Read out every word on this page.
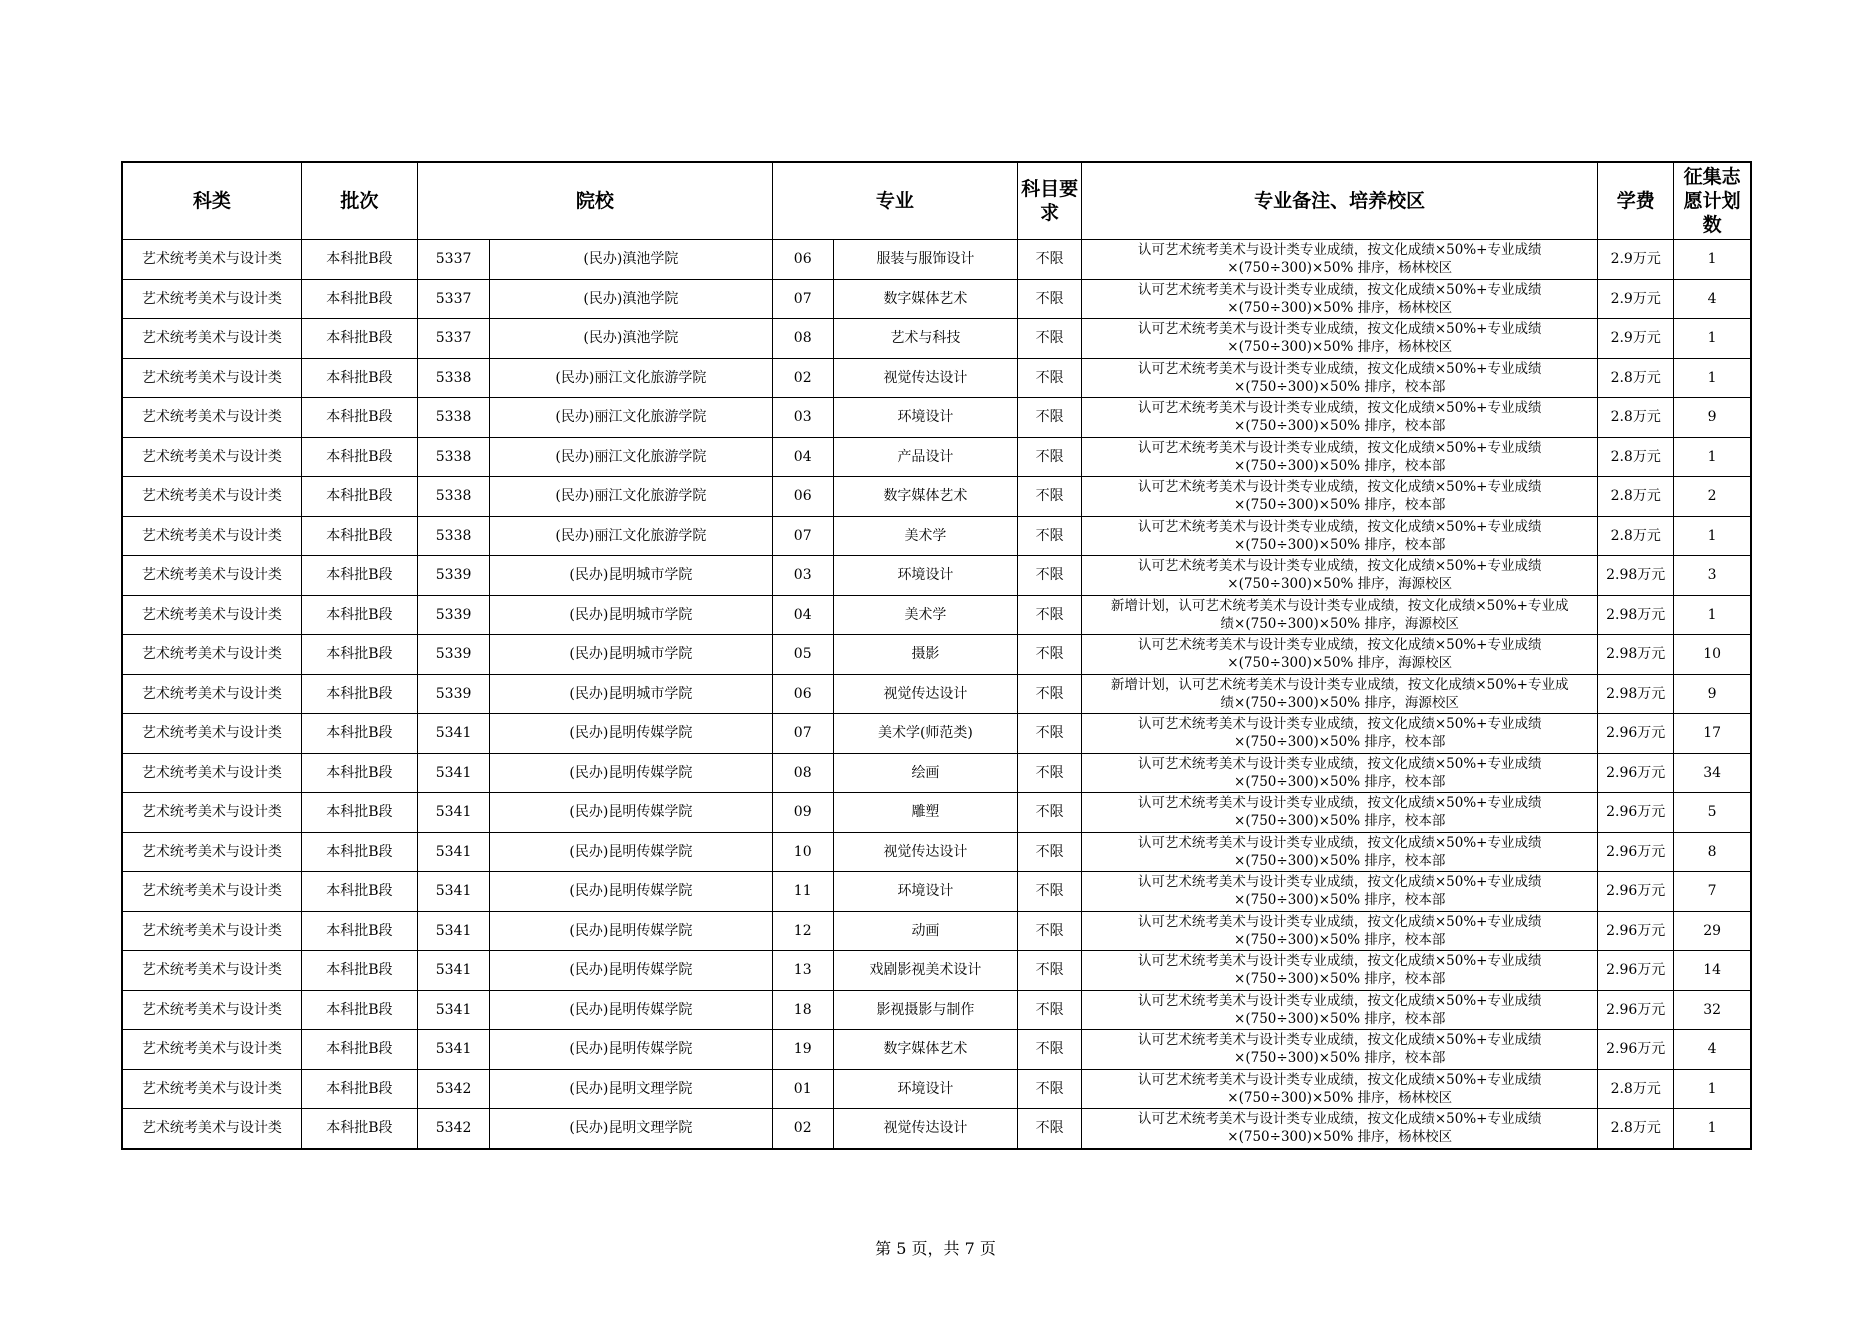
科类	批次	院校		专业		科目要求	专业备注、培养校区	学费	征集志愿计划数
艺术统考美术与设计类	本科批B段	5337	(民办)滇池学院	06	服装与服饰设计	不限	认可艺术统考美术与设计类专业成绩，按文化成绩×50%+专业成绩
×(750÷300)×50% 排序，杨林校区	2.9万元	1
艺术统考美术与设计类	本科批B段	5337	(民办)滇池学院	07	数字媒体艺术	不限	认可艺术统考美术与设计类专业成绩，按文化成绩×50%+专业成绩
×(750÷300)×50% 排序，杨林校区	2.9万元	4
艺术统考美术与设计类	本科批B段	5337	(民办)滇池学院	08	艺术与科技	不限	认可艺术统考美术与设计类专业成绩，按文化成绩×50%+专业成绩
×(750÷300)×50% 排序，杨林校区	2.9万元	1
艺术统考美术与设计类	本科批B段	5338	(民办)丽江文化旅游学院	02	视觉传达设计	不限	认可艺术统考美术与设计类专业成绩，按文化成绩×50%+专业成绩
×(750÷300)×50% 排序，校本部	2.8万元	1
艺术统考美术与设计类	本科批B段	5338	(民办)丽江文化旅游学院	03	环境设计	不限	认可艺术统考美术与设计类专业成绩，按文化成绩×50%+专业成绩
×(750÷300)×50% 排序，校本部	2.8万元	9
艺术统考美术与设计类	本科批B段	5338	(民办)丽江文化旅游学院	04	产品设计	不限	认可艺术统考美术与设计类专业成绩，按文化成绩×50%+专业成绩
×(750÷300)×50% 排序，校本部	2.8万元	1
艺术统考美术与设计类	本科批B段	5338	(民办)丽江文化旅游学院	06	数字媒体艺术	不限	认可艺术统考美术与设计类专业成绩，按文化成绩×50%+专业成绩
×(750÷300)×50% 排序，校本部	2.8万元	2
艺术统考美术与设计类	本科批B段	5338	(民办)丽江文化旅游学院	07	美术学	不限	认可艺术统考美术与设计类专业成绩，按文化成绩×50%+专业成绩
×(750÷300)×50% 排序，校本部	2.8万元	1
艺术统考美术与设计类	本科批B段	5339	(民办)昆明城市学院	03	环境设计	不限	认可艺术统考美术与设计类专业成绩，按文化成绩×50%+专业成绩
×(750÷300)×50% 排序，海源校区	2.98万元	3
艺术统考美术与设计类	本科批B段	5339	(民办)昆明城市学院	04	美术学	不限	新增计划，认可艺术统考美术与设计类专业成绩，按文化成绩×50%+专业成
绩×(750÷300)×50% 排序，海源校区	2.98万元	1
艺术统考美术与设计类	本科批B段	5339	(民办)昆明城市学院	05	摄影	不限	认可艺术统考美术与设计类专业成绩，按文化成绩×50%+专业成绩
×(750÷300)×50% 排序，海源校区	2.98万元	10
艺术统考美术与设计类	本科批B段	5339	(民办)昆明城市学院	06	视觉传达设计	不限	新增计划，认可艺术统考美术与设计类专业成绩，按文化成绩×50%+专业成
绩×(750÷300)×50% 排序，海源校区	2.98万元	9
艺术统考美术与设计类	本科批B段	5341	(民办)昆明传媒学院	07	美术学(师范类)	不限	认可艺术统考美术与设计类专业成绩，按文化成绩×50%+专业成绩
×(750÷300)×50% 排序，校本部	2.96万元	17
艺术统考美术与设计类	本科批B段	5341	(民办)昆明传媒学院	08	绘画	不限	认可艺术统考美术与设计类专业成绩，按文化成绩×50%+专业成绩
×(750÷300)×50% 排序，校本部	2.96万元	34
艺术统考美术与设计类	本科批B段	5341	(民办)昆明传媒学院	09	雕塑	不限	认可艺术统考美术与设计类专业成绩，按文化成绩×50%+专业成绩
×(750÷300)×50% 排序，校本部	2.96万元	5
艺术统考美术与设计类	本科批B段	5341	(民办)昆明传媒学院	10	视觉传达设计	不限	认可艺术统考美术与设计类专业成绩，按文化成绩×50%+专业成绩
×(750÷300)×50% 排序，校本部	2.96万元	8
艺术统考美术与设计类	本科批B段	5341	(民办)昆明传媒学院	11	环境设计	不限	认可艺术统考美术与设计类专业成绩，按文化成绩×50%+专业成绩
×(750÷300)×50% 排序，校本部	2.96万元	7
艺术统考美术与设计类	本科批B段	5341	(民办)昆明传媒学院	12	动画	不限	认可艺术统考美术与设计类专业成绩，按文化成绩×50%+专业成绩
×(750÷300)×50% 排序，校本部	2.96万元	29
艺术统考美术与设计类	本科批B段	5341	(民办)昆明传媒学院	13	戏剧影视美术设计	不限	认可艺术统考美术与设计类专业成绩，按文化成绩×50%+专业成绩
×(750÷300)×50% 排序，校本部	2.96万元	14
艺术统考美术与设计类	本科批B段	5341	(民办)昆明传媒学院	18	影视摄影与制作	不限	认可艺术统考美术与设计类专业成绩，按文化成绩×50%+专业成绩
×(750÷300)×50% 排序，校本部	2.96万元	32
艺术统考美术与设计类	本科批B段	5341	(民办)昆明传媒学院	19	数字媒体艺术	不限	认可艺术统考美术与设计类专业成绩，按文化成绩×50%+专业成绩
×(750÷300)×50% 排序，校本部	2.96万元	4
艺术统考美术与设计类	本科批B段	5342	(民办)昆明文理学院	01	环境设计	不限	认可艺术统考美术与设计类专业成绩，按文化成绩×50%+专业成绩
×(750÷300)×50% 排序，杨林校区	2.8万元	1
艺术统考美术与设计类	本科批B段	5342	(民办)昆明文理学院	02	视觉传达设计	不限	认可艺术统考美术与设计类专业成绩，按文化成绩×50%+专业成绩
×(750÷300)×50% 排序，杨林校区	2.8万元	1
第 5 页，共 7 页
